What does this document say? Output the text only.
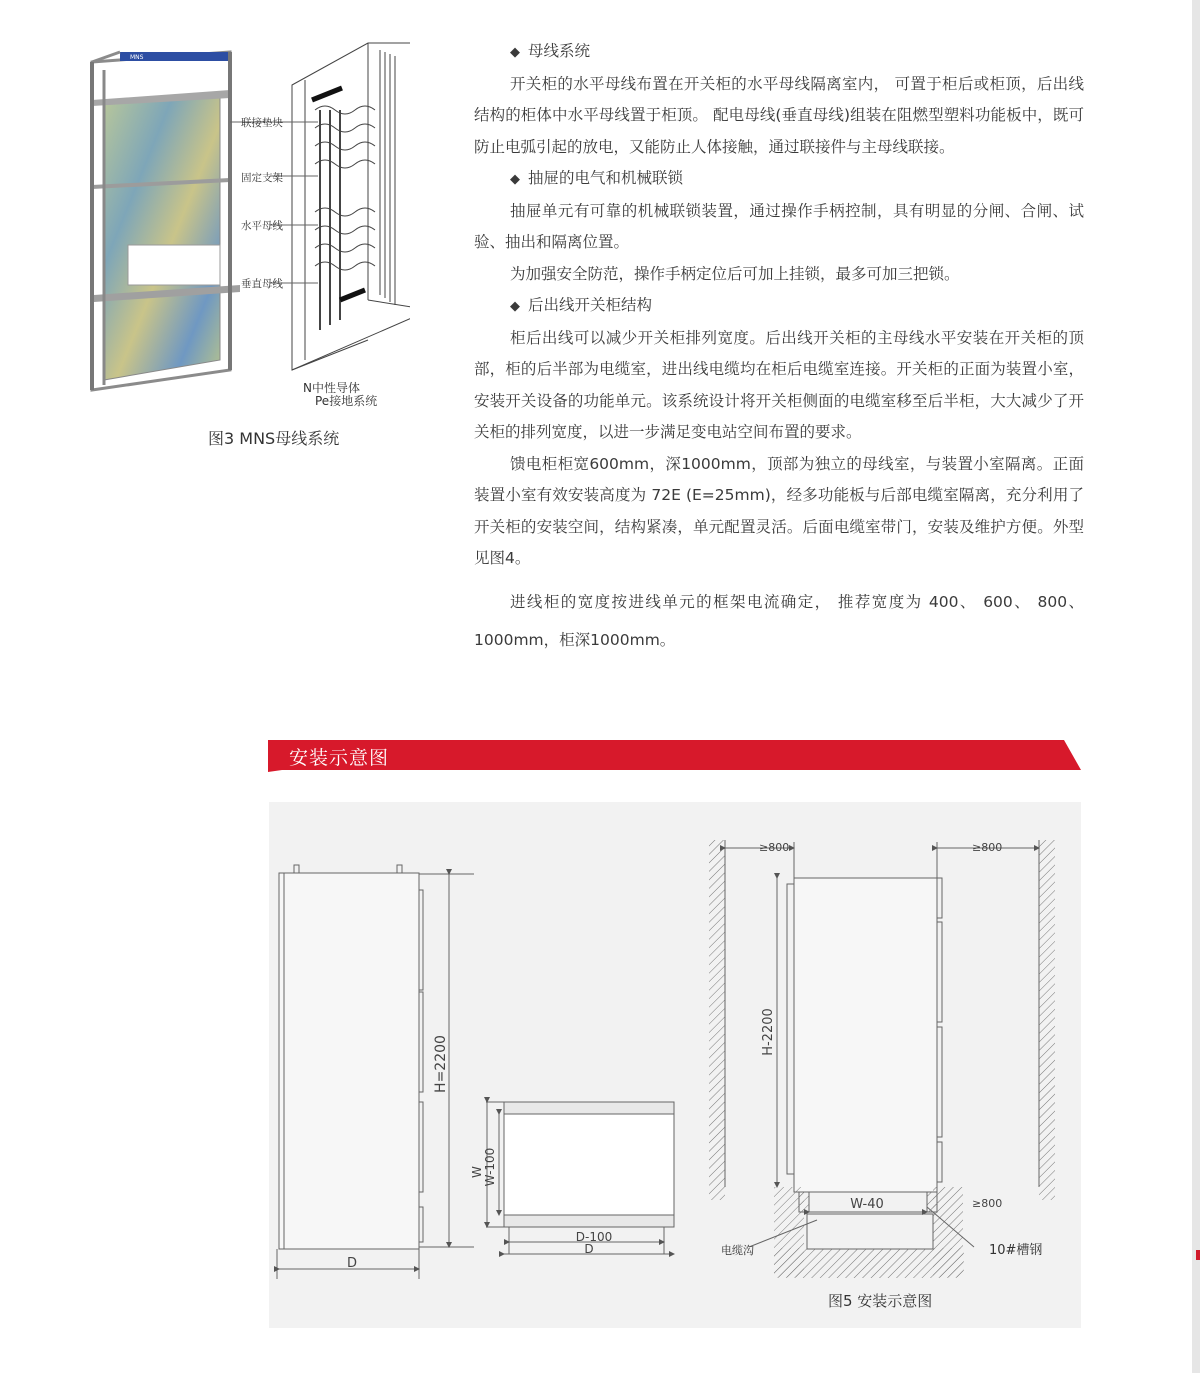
MNS
联接垫块
固定支架
水平母线
垂直母线
N中性导体
Pe接地系统
图3 MNS母线系统

◆ 母线系统

开关柜的水平母线布置在开关柜的水平母线隔离室内， 可置于柜后或柜顶，后出线结构的柜体中水平母线置于柜顶。 配电母线(垂直母线)组装在阻燃型塑料功能板中，既可防止电弧引起的放电，又能防止人体接触，通过联接件与主母线联接。

◆ 抽屉的电气和机械联锁

抽屉单元有可靠的机械联锁装置，通过操作手柄控制，具有明显的分闸、合闸、试验、抽出和隔离位置。

为加强安全防范，操作手柄定位后可加上挂锁，最多可加三把锁。

◆ 后出线开关柜结构

柜后出线可以减少开关柜排列宽度。后出线开关柜的主母线水平安装在开关柜的顶部，柜的后半部为电缆室，进出线电缆均在柜后电缆室连接。开关柜的正面为装置小室，安装开关设备的功能单元。该系统设计将开关柜侧面的电缆室移至后半柜，大大减少了开关柜的排列宽度，以进一步满足变电站空间布置的要求。

馈电柜柜宽600mm，深1000mm，顶部为独立的母线室，与装置小室隔离。正面装置小室有效安装高度为 72E (E=25mm)，经多功能板与后部电缆室隔离，充分利用了开关柜的安装空间，结构紧凑，单元配置灵活。后面电缆室带门，安装及维护方便。外型见图4。

进线柜的宽度按进线单元的框架电流确定， 推荐宽度为 400、 600、 800、1000mm，柜深1000mm。

安装示意图
D
H=2200
W W-100
D-100
D
≥800	≥800
H-2200
W-40	≥800
电缆沟	10#槽钢
图5 安装示意图
